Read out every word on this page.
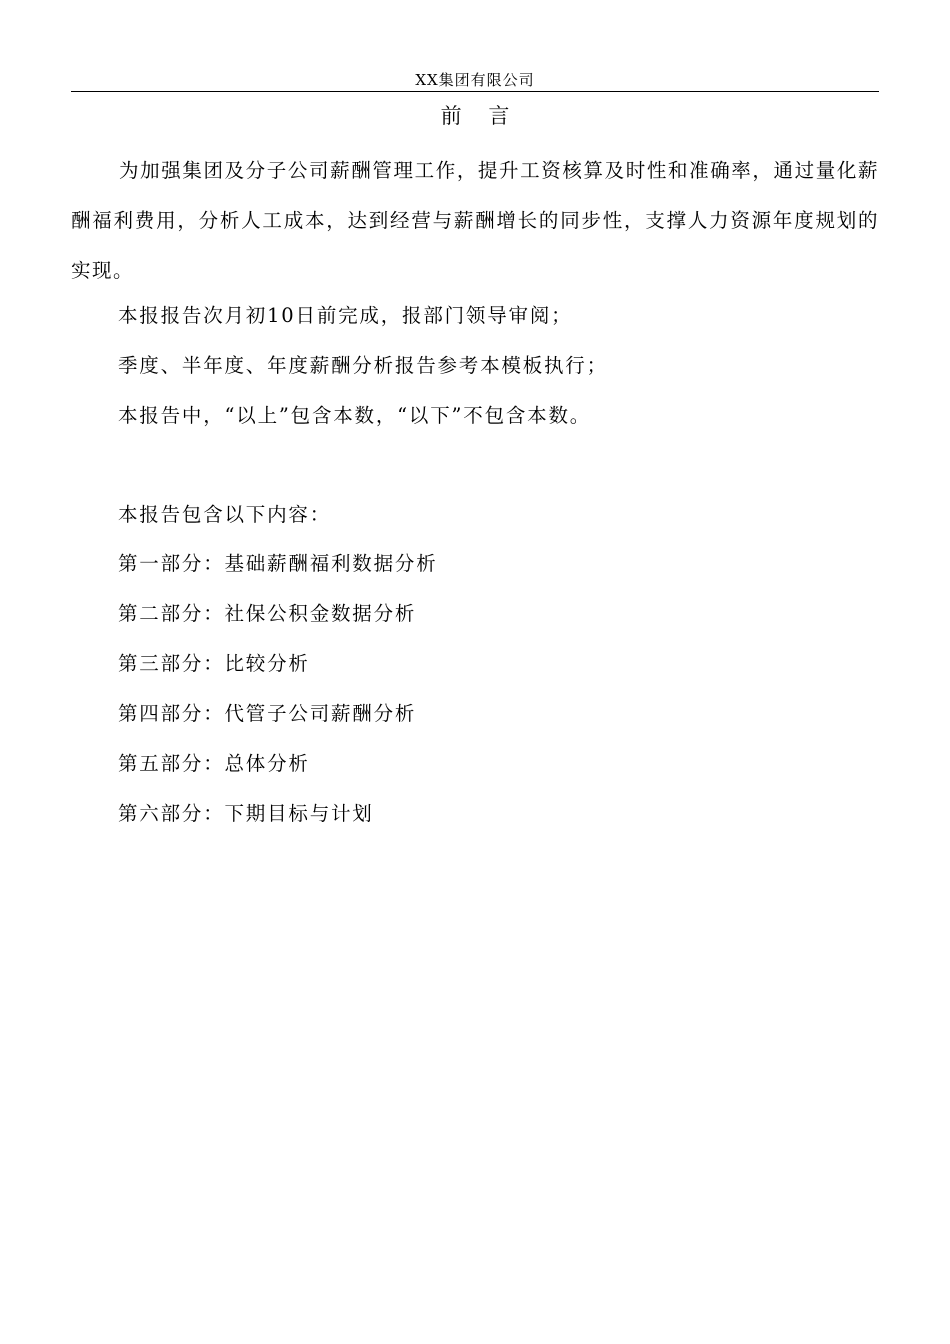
XX集团有限公司
前 言

为加强集团及分子公司薪酬管理工作，提升工资核算及时性和准确率，通过量化薪酬福利费用，分析人工成本，达到经营与薪酬增长的同步性，支撑人力资源年度规划的实现。

本报报告次月初10日前完成，报部门领导审阅；

季度、半年度、年度薪酬分析报告参考本模板执行；

本报告中，“以上”包含本数，“以下”不包含本数。

本报告包含以下内容：

第一部分：基础薪酬福利数据分析

第二部分：社保公积金数据分析

第三部分：比较分析

第四部分：代管子公司薪酬分析

第五部分：总体分析

第六部分：下期目标与计划
